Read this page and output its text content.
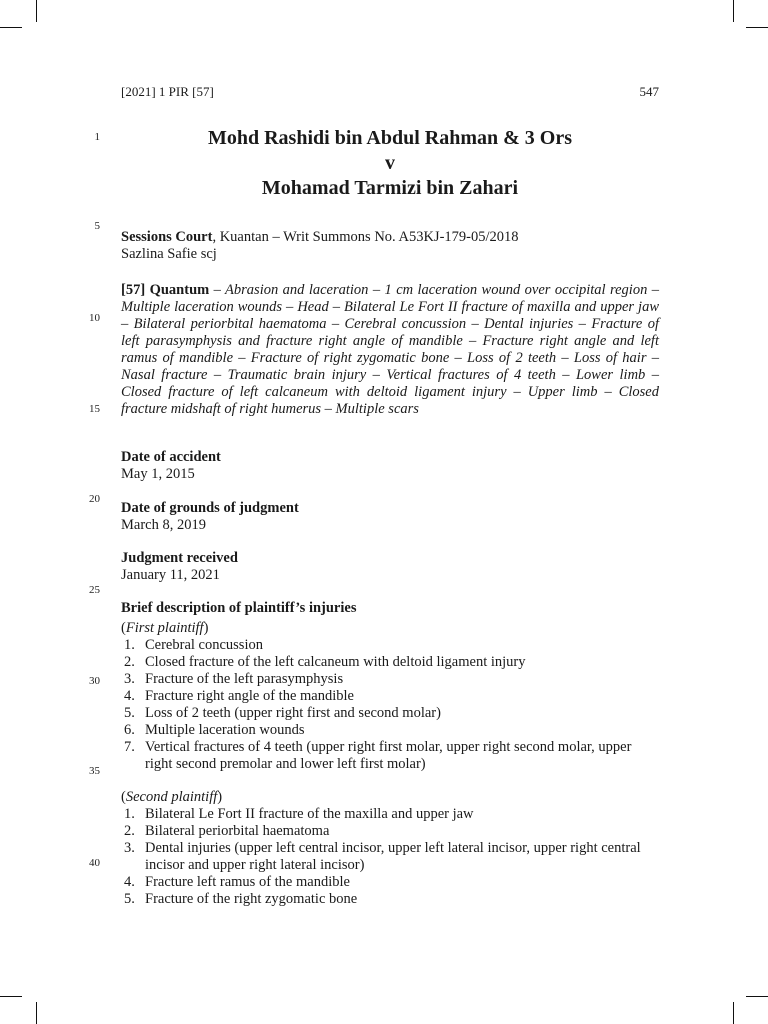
[2021] 1 PIR [57]	547
1
5
10
15
20
25
30
35
40
Mohd Rashidi bin Abdul Rahman & 3 Ors
v
Mohamad Tarmizi bin Zahari
Sessions Court, Kuantan – Writ Summons No. A53KJ-179-05/2018
Sazlina Safie scj
[57] Quantum – Abrasion and laceration – 1 cm laceration wound over occipital region – Multiple laceration wounds – Head – Bilateral Le Fort II fracture of maxilla and upper jaw – Bilateral periorbital haematoma – Cerebral concussion – Dental injuries – Fracture of left parasymphysis and fracture right angle of mandible – Fracture right angle and left ramus of mandible – Fracture of right zygomatic bone – Loss of 2 teeth – Loss of hair – Nasal fracture – Traumatic brain injury – Vertical fractures of 4 teeth – Lower limb – Closed fracture of left calcaneum with deltoid ligament injury – Upper limb – Closed fracture midshaft of right humerus – Multiple scars
Date of accident
May 1, 2015
Date of grounds of judgment
March 8, 2019
Judgment received
January 11, 2021
Brief description of plaintiff’s injuries
(First plaintiff)
1. Cerebral concussion
2. Closed fracture of the left calcaneum with deltoid ligament injury
3. Fracture of the left parasymphysis
4. Fracture right angle of the mandible
5. Loss of 2 teeth (upper right first and second molar)
6. Multiple laceration wounds
7. Vertical fractures of 4 teeth (upper right first molar, upper right second molar, upper right second premolar and lower left first molar)
(Second plaintiff)
1. Bilateral Le Fort II fracture of the maxilla and upper jaw
2. Bilateral periorbital haematoma
3. Dental injuries (upper left central incisor, upper left lateral incisor, upper right central incisor and upper right lateral incisor)
4. Fracture left ramus of the mandible
5. Fracture of the right zygomatic bone
